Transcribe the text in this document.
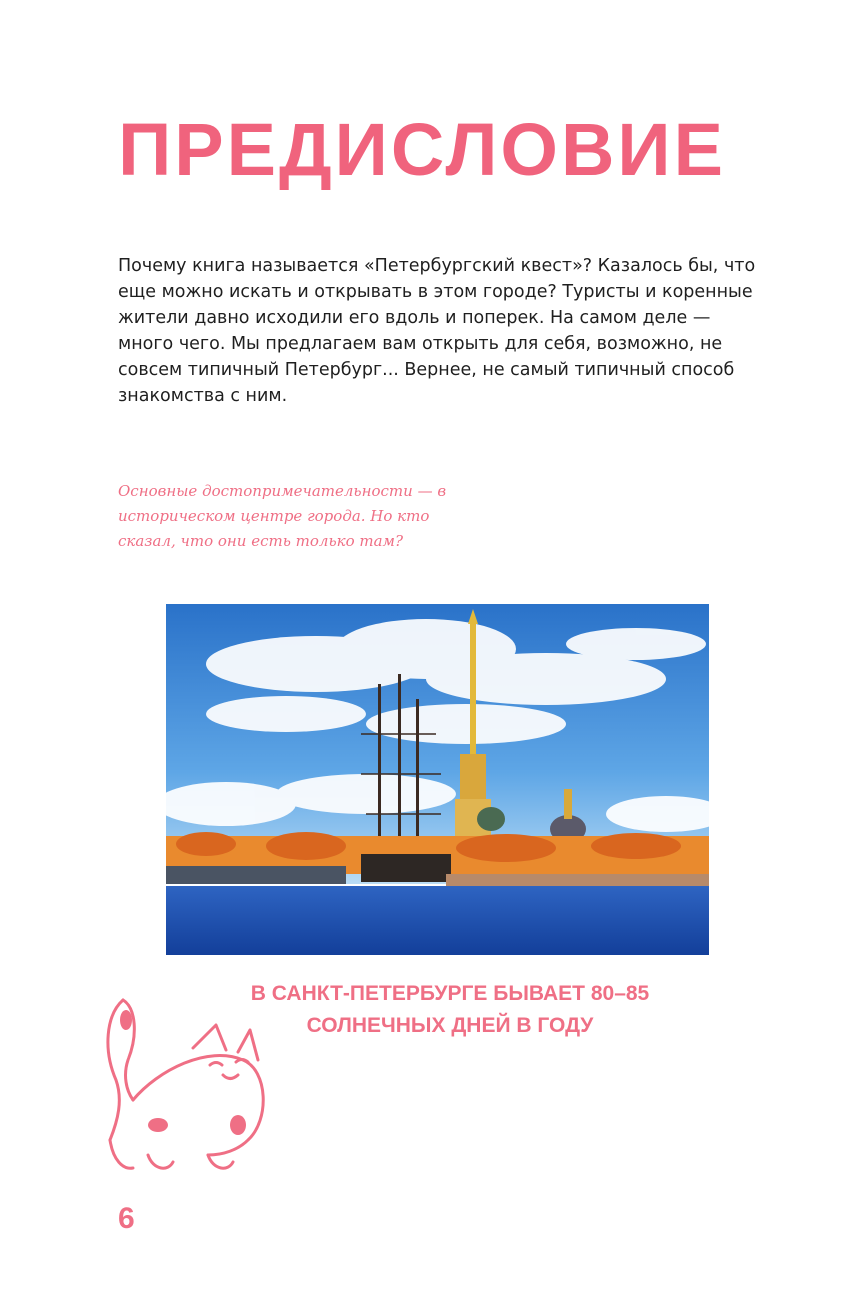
ПРЕДИСЛОВИЕ

Почему книга называется «Петербургский квест»? Казалось бы, что еще можно искать и открывать в этом городе? Туристы и коренные жители давно исходили его вдоль и поперек. На самом деле — много чего. Мы предлагаем вам открыть для себя, возможно, не совсем типичный Петербург... Вернее, не самый типичный способ знакомства с ним.

Основные достопримечательности — в историческом центре города. Но кто сказал, что они есть только там?

В САНКТ-ПЕТЕРБУРГЕ БЫВАЕТ 80–85
СОЛНЕЧНЫХ ДНЕЙ В ГОДУ

6
